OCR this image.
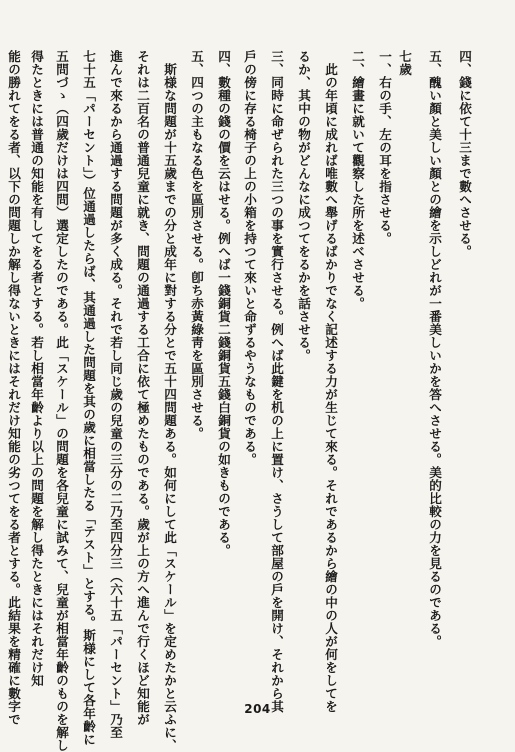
四、錢に依て十三まで數へさせる。
五、醜い顏と美しい顏との繪を示しどれが一番美しいかを答へさせる。美的比較の力を見るのである。
七歲
一、右の手、左の耳を指させる。
二、繪畫に就いて觀察した所を述べさせる。
此の年頃に成れば唯數へ舉げるばかりでなく記述する力が生じて來る。それであるから繪の中の人が何をしてを
るか、其中の物がどんなに成つてをるかを話させる。
三、同時に命ぜられた三つの事を實行させる。例へば此鍵を机の上に置け、さうして部屋の戶を開け、それから其
戶の傍に存る椅子の上の小箱を持つて來いと命ずるやうなものである。
四、數種の錢の價を云はせる。例へば一錢銅貨二錢銅貨五錢白銅貨の如きものである。
五、四つの主もなる色を區別させる。卽ち赤黃綠靑を區別させる。
斯様な問題が十五歲までの分と成年に對する分とで五十四問題ある。如何にして此「スケール」を定めたかと云ふに、
それは二百名の普通兒童に就き、問題の通過する工合に依て極めたものである。歲が上の方へ進んで行くほど知能が
進んで來るから通過する問題が多く成る。それで若し同じ歲の兒童の三分の二乃至四分三（六十五「パーセント」乃至
七十五「パーセント」）位通過したらば、其通過した問題を其の歲に相當したる「テスト」とする。斯様にして各年齡に
五問づゝ（四歲だけは四問）選定したのである。此「スケール」の問題を各兒童に試みて、兒童が相當年齡のものを解し
得たときには普通の知能を有してをる者とする。若し相當年齡より以上の問題を解し得たときにはそれだけ知
能の勝れてをる者、以下の問題しか解し得ないときにはそれだけ知能の劣つてをる者とする。此結果を精確に數字で	204
